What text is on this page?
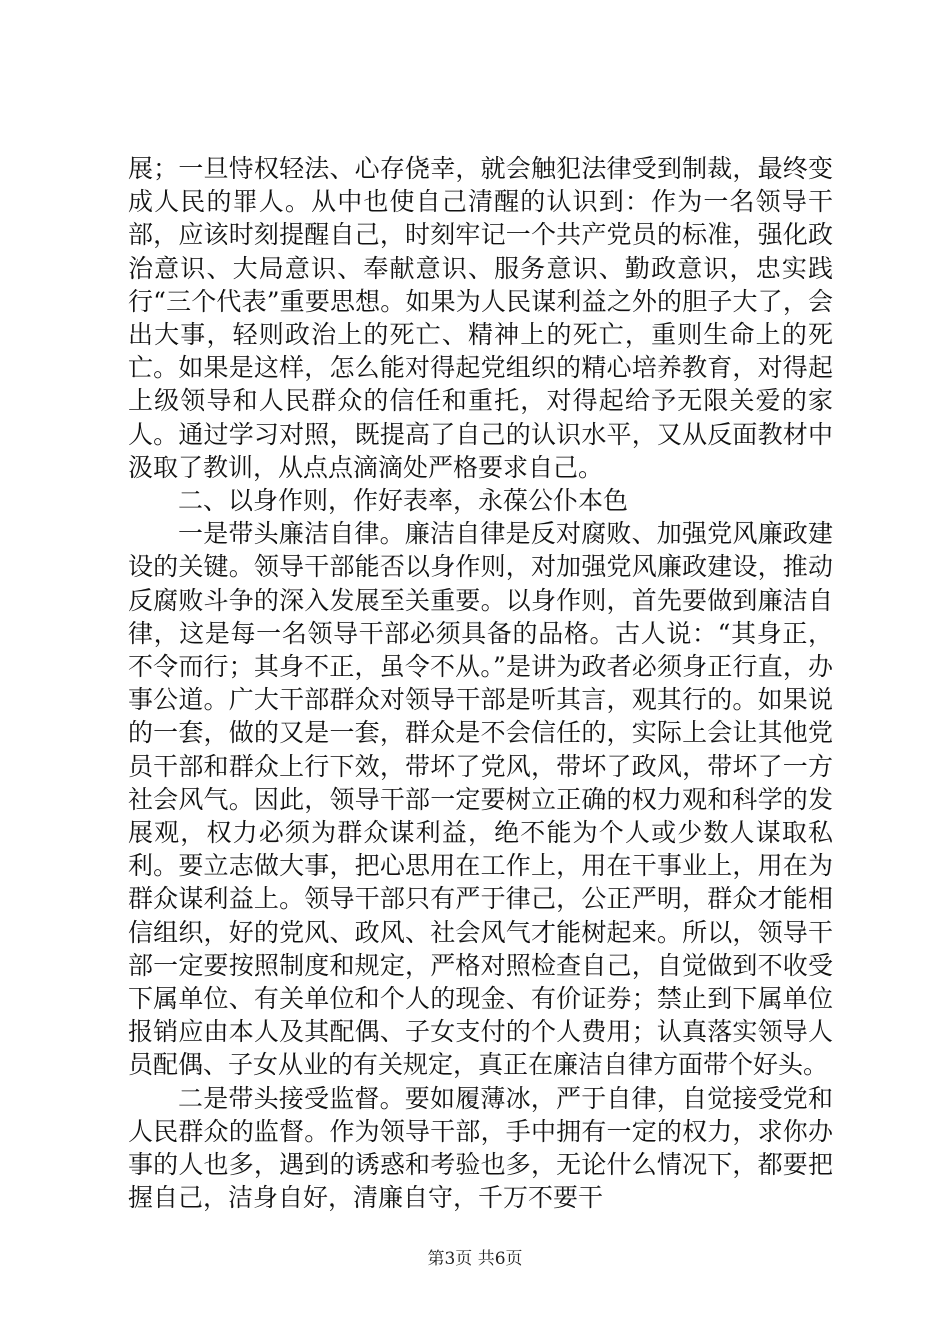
展；一旦恃权轻法、心存侥幸，就会触犯法律受到制裁，最终变成人民的罪人。从中也使自己清醒的认识到：作为一名领导干部，应该时刻提醒自己，时刻牢记一个共产党员的标准，强化政治意识、大局意识、奉献意识、服务意识、勤政意识，忠实践行“三个代表”重要思想。如果为人民谋利益之外的胆子大了，会出大事，轻则政治上的死亡、精神上的死亡，重则生命上的死亡。如果是这样，怎么能对得起党组织的精心培养教育，对得起上级领导和人民群众的信任和重托，对得起给予无限关爱的家人。通过学习对照，既提高了自己的认识水平，又从反面教材中汲取了教训，从点点滴滴处严格要求自己。

二、以身作则，作好表率，永葆公仆本色

一是带头廉洁自律。廉洁自律是反对腐败、加强党风廉政建设的关键。领导干部能否以身作则，对加强党风廉政建设，推动反腐败斗争的深入发展至关重要。以身作则，首先要做到廉洁自律，这是每一名领导干部必须具备的品格。古人说：“其身正，不令而行；其身不正，虽令不从。”是讲为政者必须身正行直，办事公道。广大干部群众对领导干部是听其言，观其行的。如果说的一套，做的又是一套，群众是不会信任的，实际上会让其他党员干部和群众上行下效，带坏了党风，带坏了政风，带坏了一方社会风气。因此，领导干部一定要树立正确的权力观和科学的发展观，权力必须为群众谋利益，绝不能为个人或少数人谋取私利。要立志做大事，把心思用在工作上，用在干事业上，用在为群众谋利益上。领导干部只有严于律己，公正严明，群众才能相信组织，好的党风、政风、社会风气才能树起来。所以，领导干部一定要按照制度和规定，严格对照检查自己，自觉做到不收受下属单位、有关单位和个人的现金、有价证券；禁止到下属单位报销应由本人及其配偶、子女支付的个人费用；认真落实领导人员配偶、子女从业的有关规定，真正在廉洁自律方面带个好头。

二是带头接受监督。要如履薄冰，严于自律，自觉接受党和人民群众的监督。作为领导干部，手中拥有一定的权力，求你办事的人也多，遇到的诱惑和考验也多，无论什么情况下，都要把握自己，洁身自好，清廉自守，千万不要干

第3页 共6页
